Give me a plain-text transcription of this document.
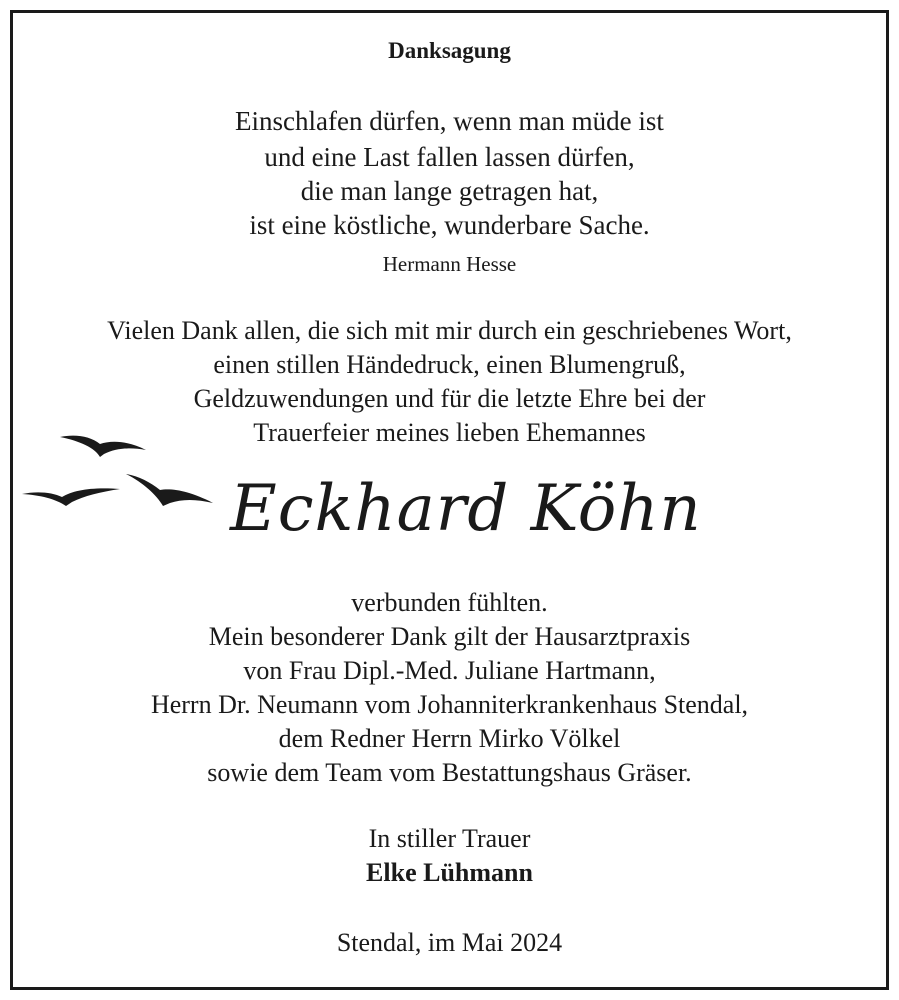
Danksagung

Einschlafen dürfen, wenn man müde ist

und eine Last fallen lassen dürfen,

die man lange getragen hat,

ist eine köstliche, wunderbare Sache.

Hermann Hesse

Vielen Dank allen, die sich mit mir durch ein geschriebenes Wort,

einen stillen Händedruck, einen Blumengruß,

Geldzuwendungen und für die letzte Ehre bei der

Trauerfeier meines lieben Ehemannes

Eckhard Köhn

verbunden fühlten.

Mein besonderer Dank gilt der Hausarztpraxis

von Frau Dipl.-Med. Juliane Hartmann,

Herrn Dr. Neumann vom Johanniterkrankenhaus Stendal,

dem Redner Herrn Mirko Völkel

sowie dem Team vom Bestattungshaus Gräser.

In stiller Trauer

Elke Lühmann

Stendal, im Mai 2024
